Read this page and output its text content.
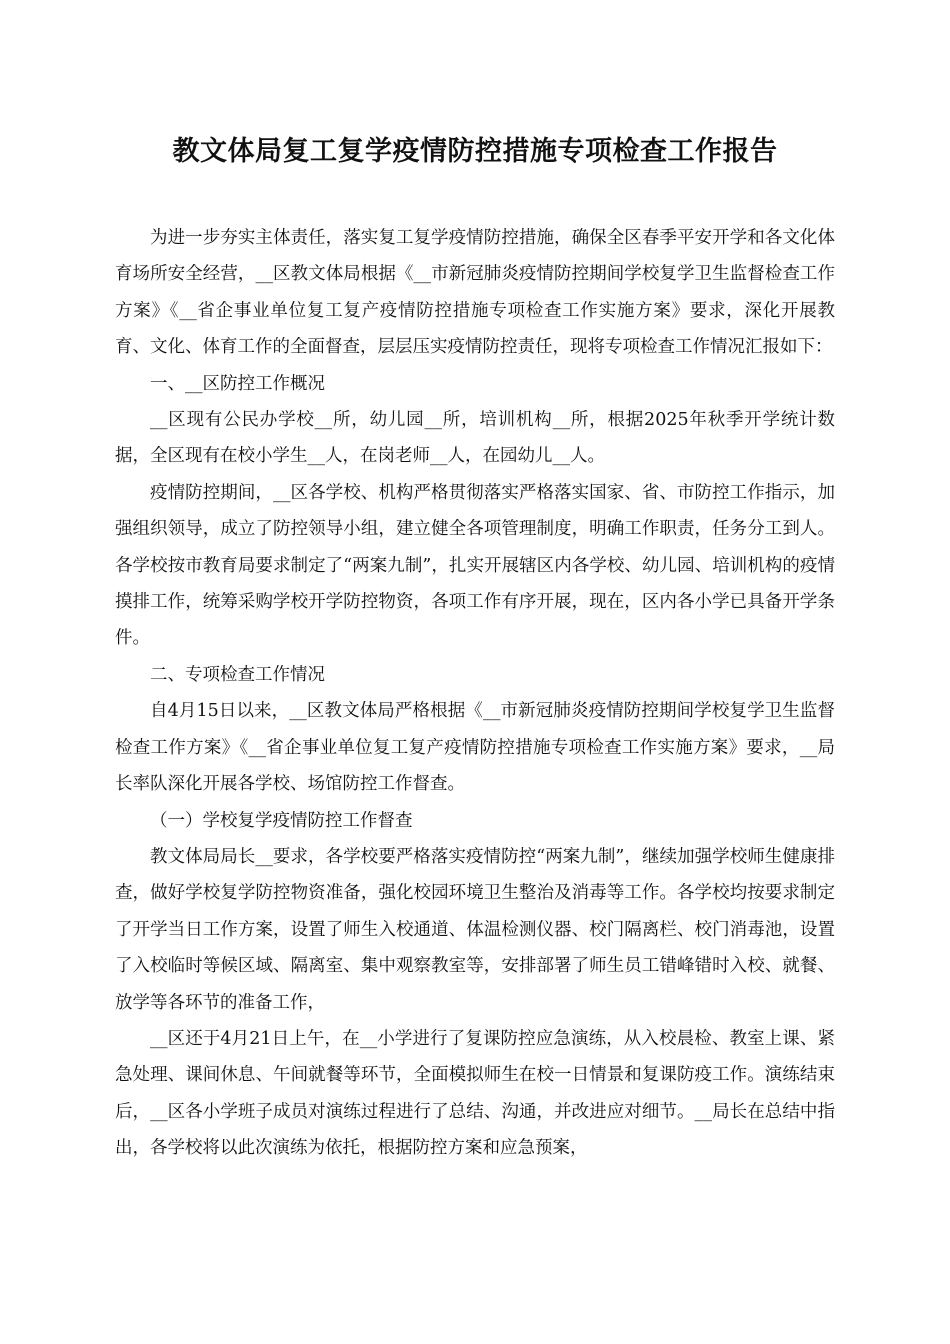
教文体局复工复学疫情防控措施专项检查工作报告

为进一步夯实主体责任，落实复工复学疫情防控措施，确保全区春季平安开学和各文化体育场所安全经营，__区教文体局根据《__市新冠肺炎疫情防控期间学校复学卫生监督检查工作方案》《__省企事业单位复工复产疫情防控措施专项检查工作实施方案》要求，深化开展教育、文化、体育工作的全面督查，层层压实疫情防控责任，现将专项检查工作情况汇报如下：

一、__区防控工作概况

__区现有公民办学校__所，幼儿园__所，培训机构__所，根据2025年秋季开学统计数据，全区现有在校小学生__人，在岗老师__人，在园幼儿__人。

疫情防控期间，__区各学校、机构严格贯彻落实严格落实国家、省、市防控工作指示，加强组织领导，成立了防控领导小组，建立健全各项管理制度，明确工作职责，任务分工到人。各学校按市教育局要求制定了“两案九制”，扎实开展辖区内各学校、幼儿园、培训机构的疫情摸排工作，统筹采购学校开学防控物资，各项工作有序开展，现在，区内各小学已具备开学条件。

二、专项检查工作情况

自4月15日以来，__区教文体局严格根据《__市新冠肺炎疫情防控期间学校复学卫生监督检查工作方案》《__省企事业单位复工复产疫情防控措施专项检查工作实施方案》要求，__局长率队深化开展各学校、场馆防控工作督查。

（一）学校复学疫情防控工作督查

教文体局局长__要求，各学校要严格落实疫情防控“两案九制”，继续加强学校师生健康排查，做好学校复学防控物资准备，强化校园环境卫生整治及消毒等工作。各学校均按要求制定了开学当日工作方案，设置了师生入校通道、体温检测仪器、校门隔离栏、校门消毒池，设置了入校临时等候区域、隔离室、集中观察教室等，安排部署了师生员工错峰错时入校、就餐、放学等各环节的准备工作，

__区还于4月21日上午，在__小学进行了复课防控应急演练，从入校晨检、教室上课、紧急处理、课间休息、午间就餐等环节，全面模拟师生在校一日情景和复课防疫工作。演练结束后，__区各小学班子成员对演练过程进行了总结、沟通，并改进应对细节。__局长在总结中指出，各学校将以此次演练为依托，根据防控方案和应急预案，
